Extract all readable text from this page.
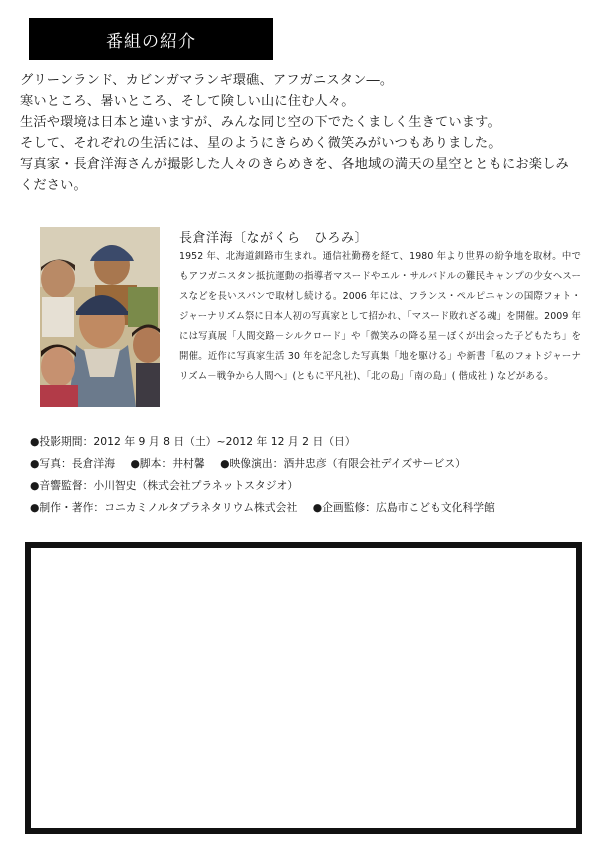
番組の紹介

グリーンランド、カビンガマランギ環礁、アフガニスタン―。

寒いところ、暑いところ、そして険しい山に住む人々。

生活や環境は日本と違いますが、みんな同じ空の下でたくましく生きています。

そして、それぞれの生活には、星のようにきらめく微笑みがいつもありました。

写真家・長倉洋海さんが撮影した人々のきらめきを、各地域の満天の星空とともにお楽しみください。

長倉洋海〔ながくら　ひろみ〕
1952 年、北海道釧路市生まれ。通信社勤務を経て、1980 年より世界の紛争地を取材。中でもアフガニスタン抵抗運動の指導者マスードやエル・サルバドルの難民キャンプの少女ヘスースなどを長いスパンで取材し続ける。2006 年には、フランス・ペルピニャンの国際フォト・ジャーナリズム祭に日本人初の写真家として招かれ、「マスード敗れざる魂」を開催。2009 年には写真展「人間交路－シルクロード」や「微笑みの降る星－ぼくが出会った子どもたち」を開催。近作に写真家生活 30 年を記念した写真集「地を駆ける」や新書「私のフォトジャーナリズム－戦争から人間へ」(ともに平凡社)、「北の島」「南の島」( 偕成社 ) などがある。
●投影期間：2012 年 9 月 8 日（土）~2012 年 12 月 2 日（日）
●写真：長倉洋海 ●脚本：井村馨 ●映像演出：酒井忠彦（有限会社デイズサービス）
●音響監督：小川智史（株式会社プラネットスタジオ）
●制作・著作：コニカミノルタプラネタリウム株式会社 ●企画監修：広島市こども文化科学館
